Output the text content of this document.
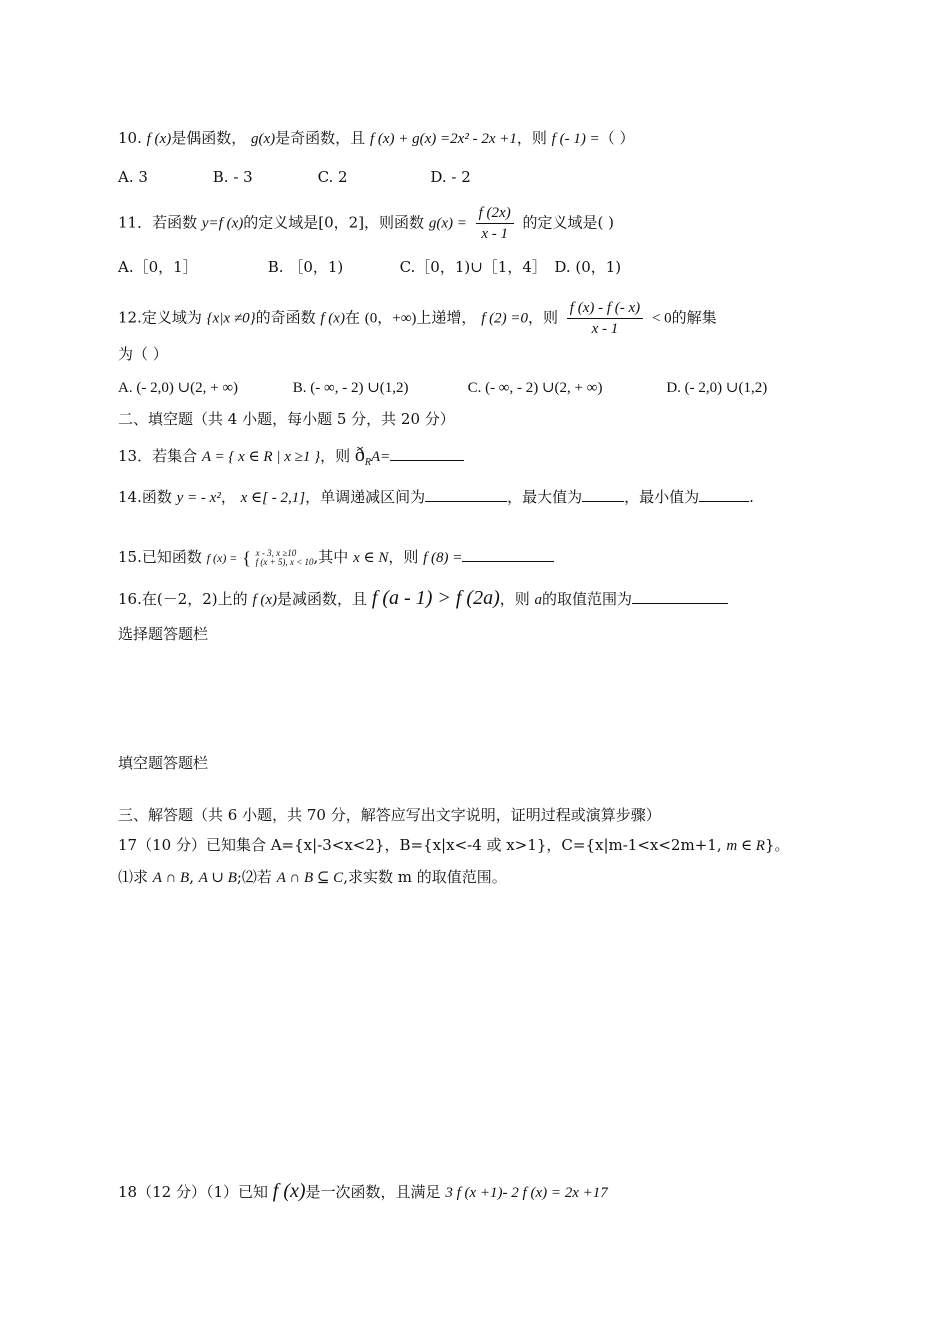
10. f (x)是偶函数， g(x)是奇函数，且 f (x) + g(x) =2x² - 2x +1，则 f (- 1) =（ ）
A. 3	B. - 3	C. 2	D. - 2
11．若函数 y=f (x)的定义域是[0，2]，则函数 $g(x) = \frac{f (2x)}{x - 1}$ 的定义域是( )
A.［0，1］	B. ［0，1)	C.［0，1)∪［1，4］ D. (0，1)
12.定义域为 {x|x ≠0}的奇函数 f (x)在 (0，+∞)上递增， f (2) =0，则 $\frac{f (x) - f (- x)}{x - 1} < 0$的解集
为（ ）
A. (- 2,0) ∪(2, + ∞)	B. (- ∞, - 2) ∪(1,2)	C. (- ∞, - 2) ∪(2, + ∞)	D. (- 2,0) ∪(1,2)
二、填空题（共 4 小题，每小题 5 分，共 20 分）
13．若集合 A = { x ∈ R | x ≥1 }，则 $ð_RA=$
14.函数 y = - x²， x ∈[ - 2,1]，单调递减区间为	，最大值为	，最小值为	.
15.已知函数 f (x) = { x - 3, x ≥10
f (x + 5), x < 10 ,其中 x ∈ N，则 f (8) =
16.在(－2，2)上的 f (x)是减函数，且 f (a - 1) > f (2a)，则 a的取值范围为
选择题答题栏
填空题答题栏
三、解答题（共 6 小题，共 70 分，解答应写出文字说明，证明过程或演算步骤）
17（10 分）已知集合 A={x|-3<x<2}，B={x|x<-4 或 x>1}，C={x|m-1<x<2m+1, m ∈ R}。
⑴求 A ∩ B, A ∪ B;⑵若 A ∩ B ⊆ C,求实数 m 的取值范围。
18（12 分）（1）已知 f (x)是一次函数，且满足 3 f (x +1)- 2 f (x) = 2x +17
